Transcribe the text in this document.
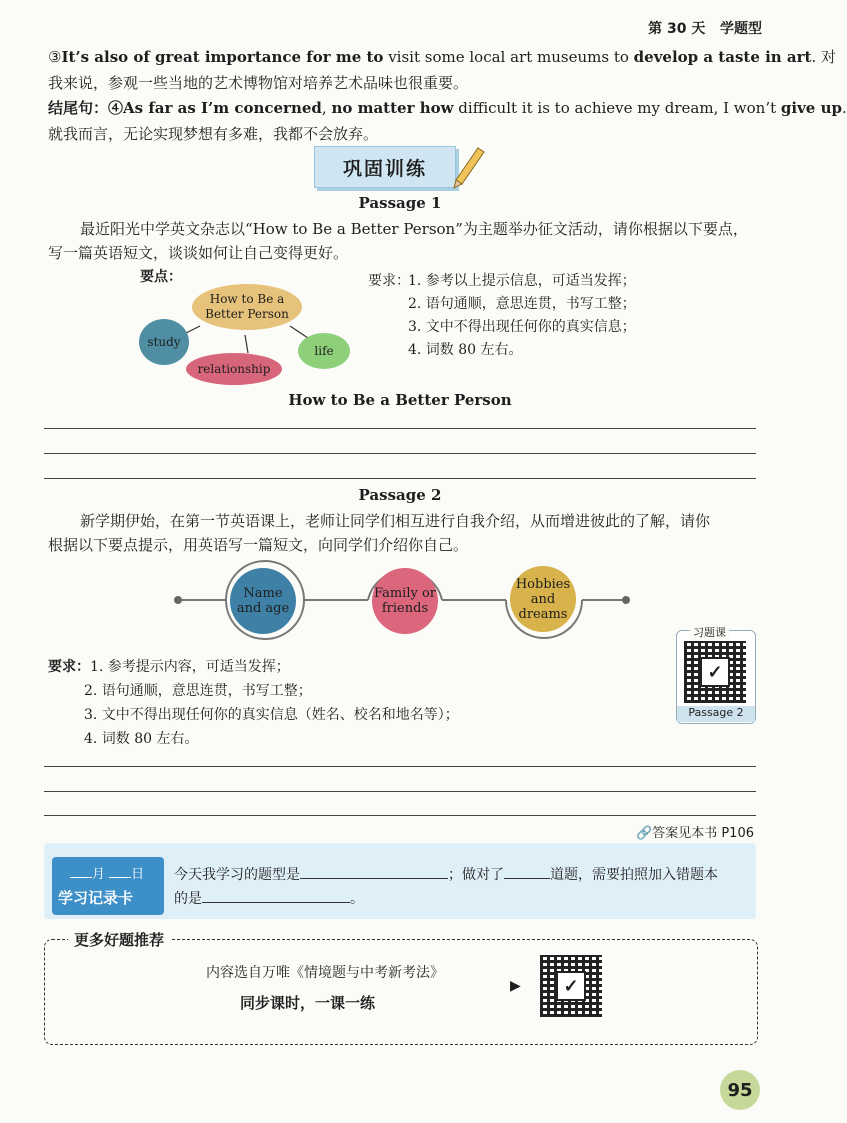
第 30 天 学题型
③It’s also of great importance for me to visit some local art museums to develop a taste in art. 对
我来说，参观一些当地的艺术博物馆对培养艺术品味也很重要。
结尾句：④As far as I’m concerned, no matter how difficult it is to achieve my dream, I won’t give up.
就我而言，无论实现梦想有多难，我都不会放弃。
巩固训练
Passage 1
最近阳光中学英文杂志以“How to Be a Better Person”为主题举办征文活动，请你根据以下要点，
写一篇英语短文，谈谈如何让自己变得更好。
要点：
How to Be a Better Person
study
life
relationship
要求：
1. 参考以上提示信息，可适当发挥；
2. 语句通顺，意思连贯，书写工整；
3. 文中不得出现任何你的真实信息；
4. 词数 80 左右。
How to Be a Better Person
Passage 2
新学期伊始，在第一节英语课上，老师让同学们相互进行自我介绍，从而增进彼此的了解，请你
根据以下要点提示，用英语写一篇短文，向同学们介绍你自己。
Name and age
Family or friends
Hobbies and dreams
要求： 1. 参考提示内容，可适当发挥；
2. 语句通顺，意思连贯，书写工整；
3. 文中不得出现任何你的真实信息（姓名、校名和地名等）；
4. 词数 80 左右。
习题课
✓
Passage 2
🔗答案见本书 P106
月 日
学习记录卡
今天我学习的题型是	；做对了	道题，需要拍照加入错题本
的是	。
更多好题推荐
内容选自万唯《情境题与中考新考法》
同步课时，一课一练
▶	✓
95
